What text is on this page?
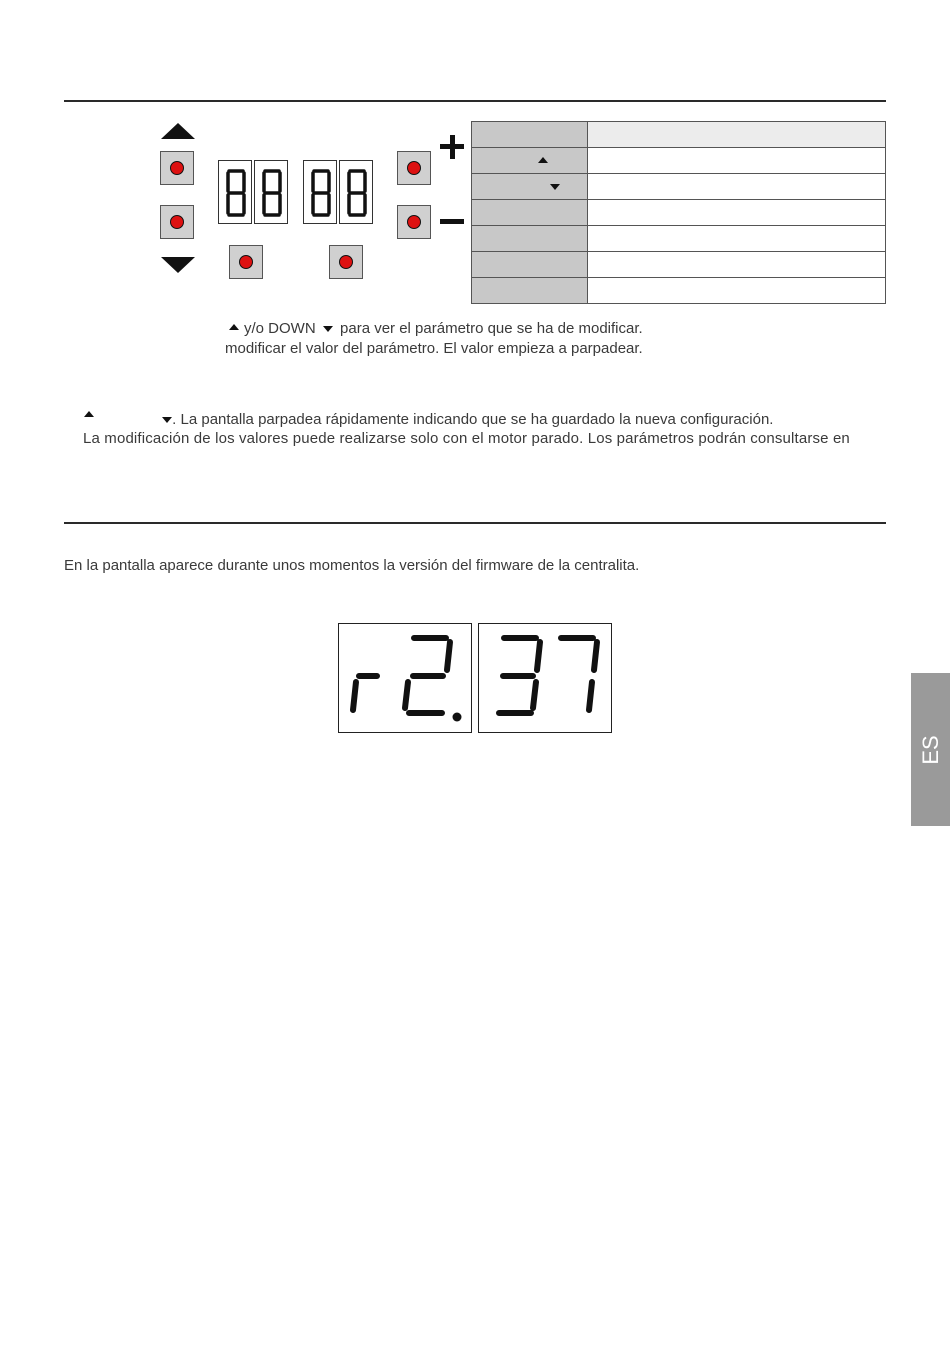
y/o DOWN para ver el parámetro que se ha de modificar.
modificar el valor del parámetro. El valor empieza a parpadear.
. La pantalla parpadea rápidamente indicando que se ha guardado la nueva configuración.
La modificación de los valores puede realizarse solo con el motor parado. Los parámetros podrán consultarse en
En la pantalla aparece durante unos momentos la versión del firmware de la centralita.
ES
